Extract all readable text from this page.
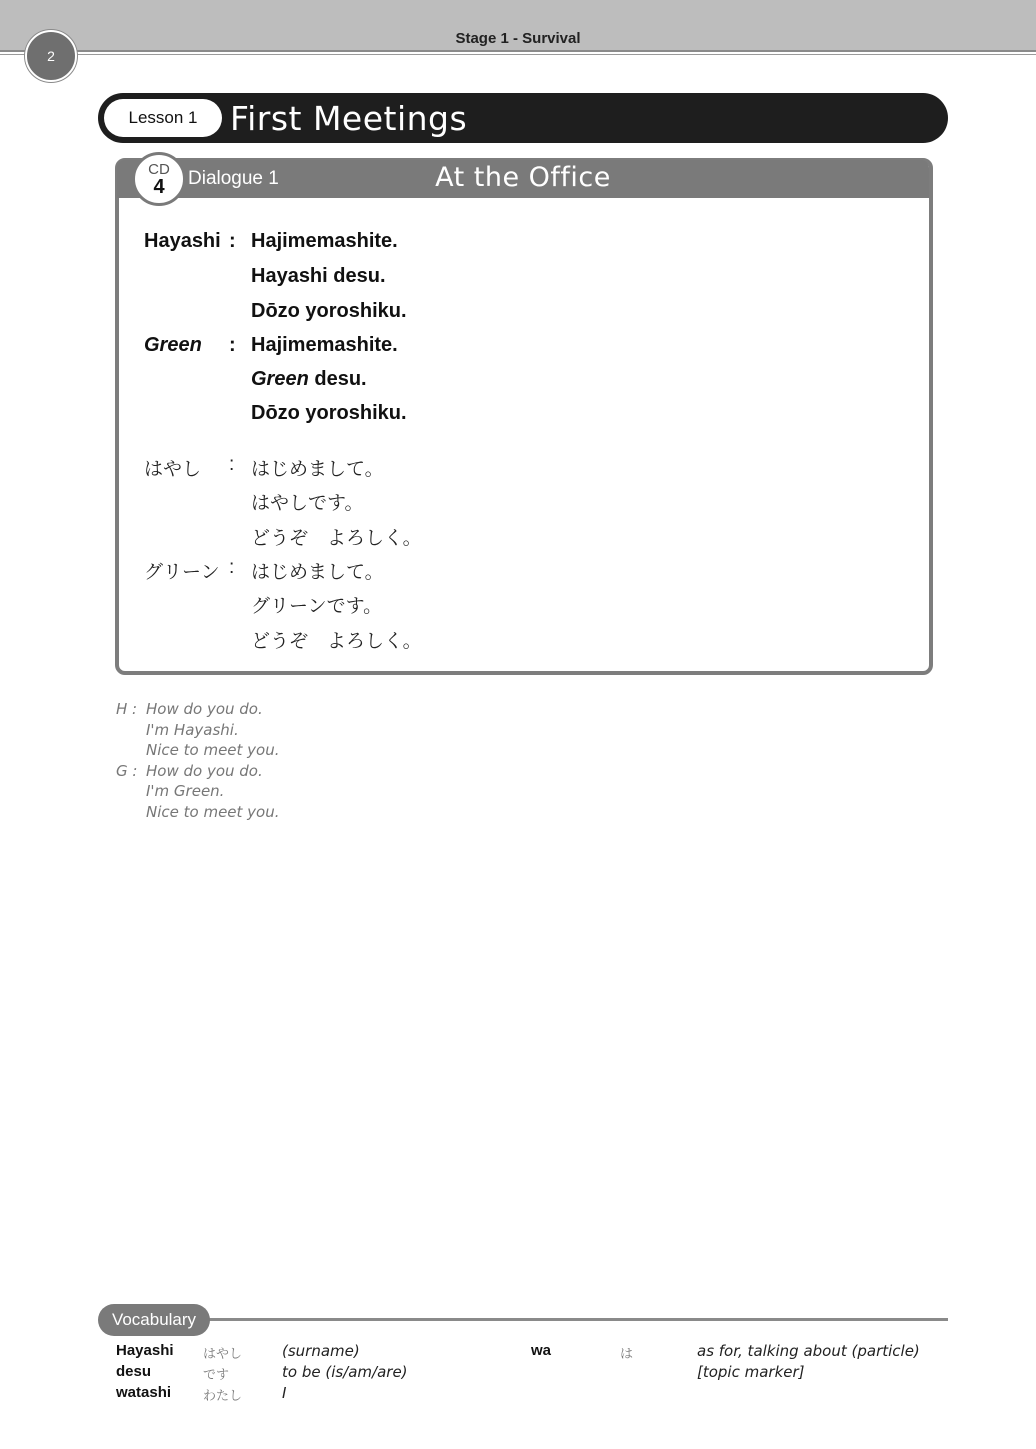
Stage 1 - Survival
2
Lesson 1 First Meetings
CD
4	Dialogue 1	At the Office
Hayashi : Hajimemashite.
Hayashi desu.
Dōzo yoroshiku.
Green : Hajimemashite.
Green desu.
Dōzo yoroshiku.
はやし : はじめまして。
はやしです。
どうぞ　よろしく。
グリーン : はじめまして。
グリーンです。
どうぞ　よろしく。
H : How do you do.
I'm Hayashi.
Nice to meet you.
G : How do you do.
I'm Green.
Nice to meet you.
Vocabulary
Hayashi はやし	(surname)
desu	です	to be (is/am/are)
watashi わたし	I
wa	は	as for, talking about (particle)
[topic marker]
